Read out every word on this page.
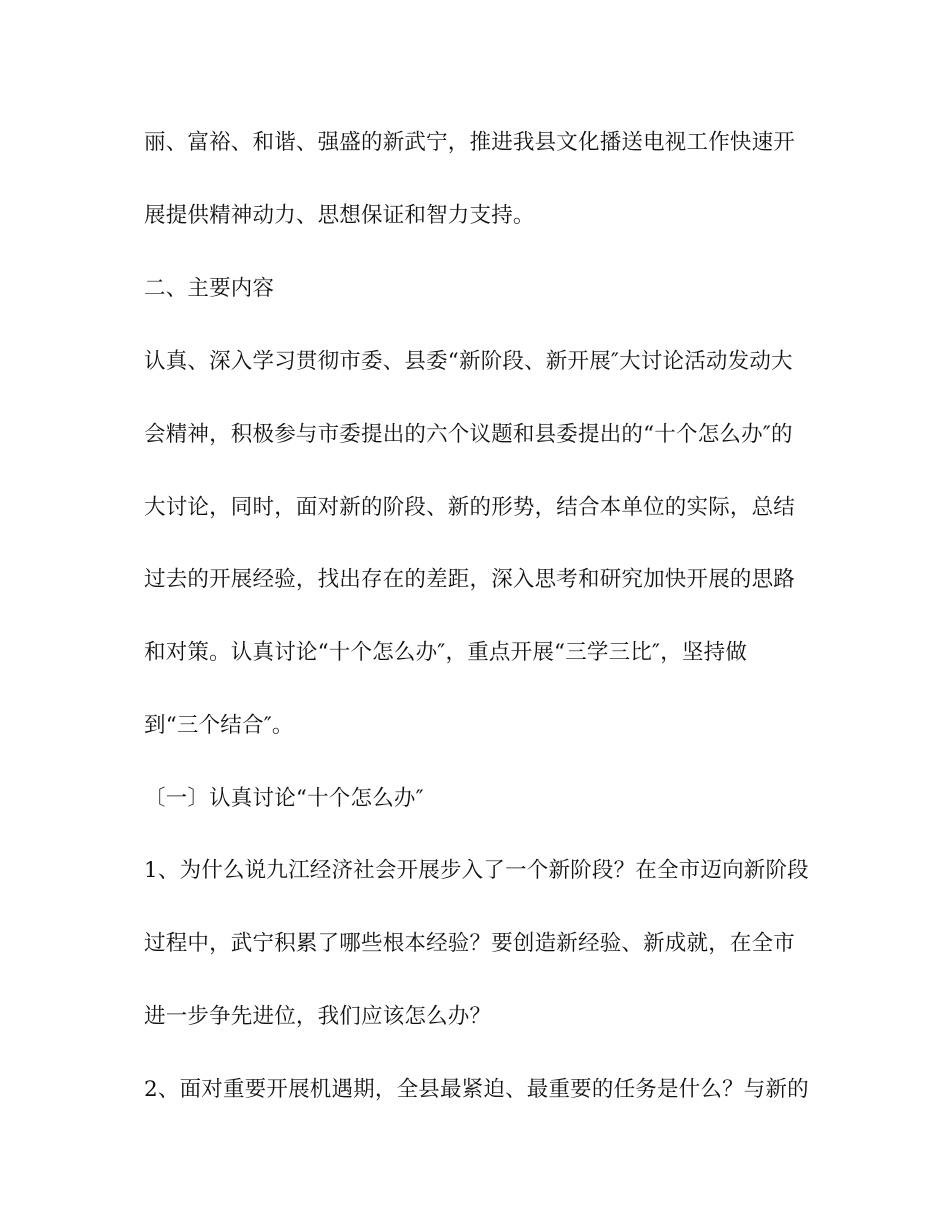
丽、富裕、和谐、强盛的新武宁，推进我县文化播送电视工作快速开
展提供精神动力、思想保证和智力支持。
二、主要内容
认真、深入学习贯彻市委、县委“新阶段、新开展″大讨论活动发动大
会精神，积极参与市委提出的六个议题和县委提出的“十个怎么办″的
大讨论，同时，面对新的阶段、新的形势，结合本单位的实际，总结
过去的开展经验，找出存在的差距，深入思考和研究加快开展的思路
和对策。认真讨论“十个怎么办″，重点开展“三学三比″，坚持做
到“三个结合″。
〔一〕认真讨论“十个怎么办″
1、为什么说九江经济社会开展步入了一个新阶段？在全市迈向新阶段
过程中，武宁积累了哪些根本经验？要创造新经验、新成就，在全市
进一步争先进位，我们应该怎么办？
2、面对重要开展机遇期，全县最紧迫、最重要的任务是什么？与新的
